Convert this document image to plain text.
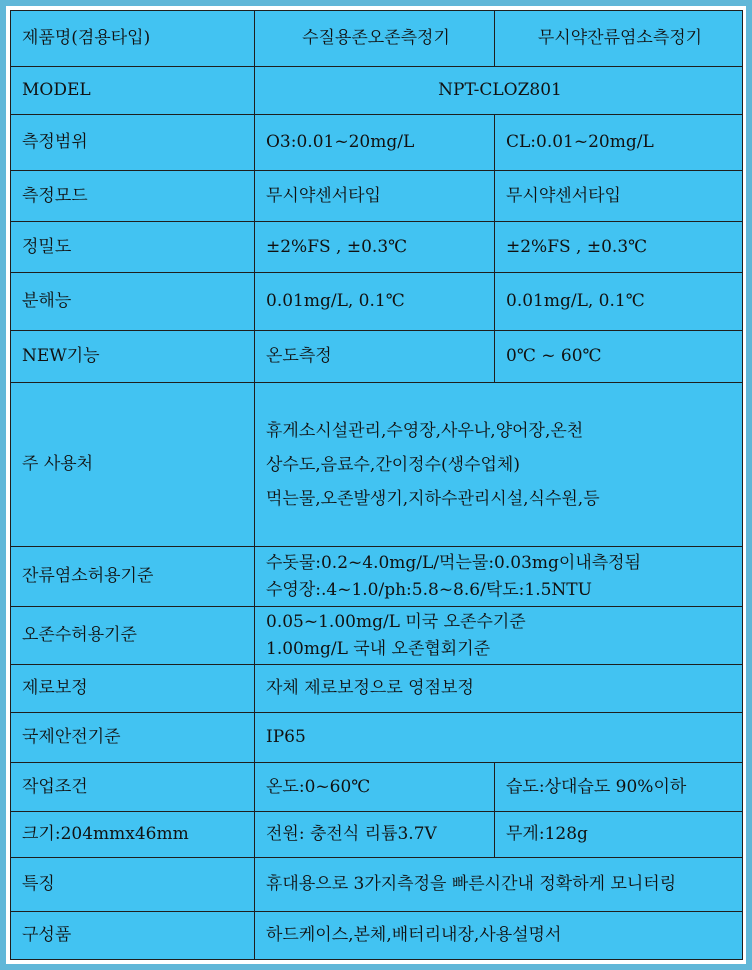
제품명(겸용타입)	수질용존오존측정기	무시약잔류염소측정기
MODEL	NPT-CLOZ801	
측정범위	O3:0.01~20mg/L	CL:0.01~20mg/L
측정모드	무시약센서타입	무시약센서타입
정밀도	±2%FS , ±0.3℃	±2%FS , ±0.3℃
분해능	0.01mg/L, 0.1℃	0.01mg/L, 0.1℃
NEW기능	온도측정	0℃ ~ 60℃
주 사용처	휴게소시설관리,수영장,사우나,양어장,온천
상수도,음료수,간이정수(생수업체)
먹는물,오존발생기,지하수관리시설,식수원,등	
잔류염소허용기준	수돗물:0.2~4.0mg/L/먹는물:0.03mg이내측정됨
수영장:.4~1.0/ph:5.8~8.6/탁도:1.5NTU	
오존수허용기준	0.05~1.00mg/L 미국 오존수기준
1.00mg/L 국내 오존협회기준	
제로보정	자체 제로보정으로 영점보정	
국제안전기준	IP65	
작업조건	온도:0~60℃	습도:상대습도 90%이하
크기:204mmx46mm	전원: 충전식 리튬3.7V	무게:128g
특징	휴대용으로 3가지측정을 빠른시간내 정확하게 모니터링	
구성품	하드케이스,본체,배터리내장,사용설명서	
